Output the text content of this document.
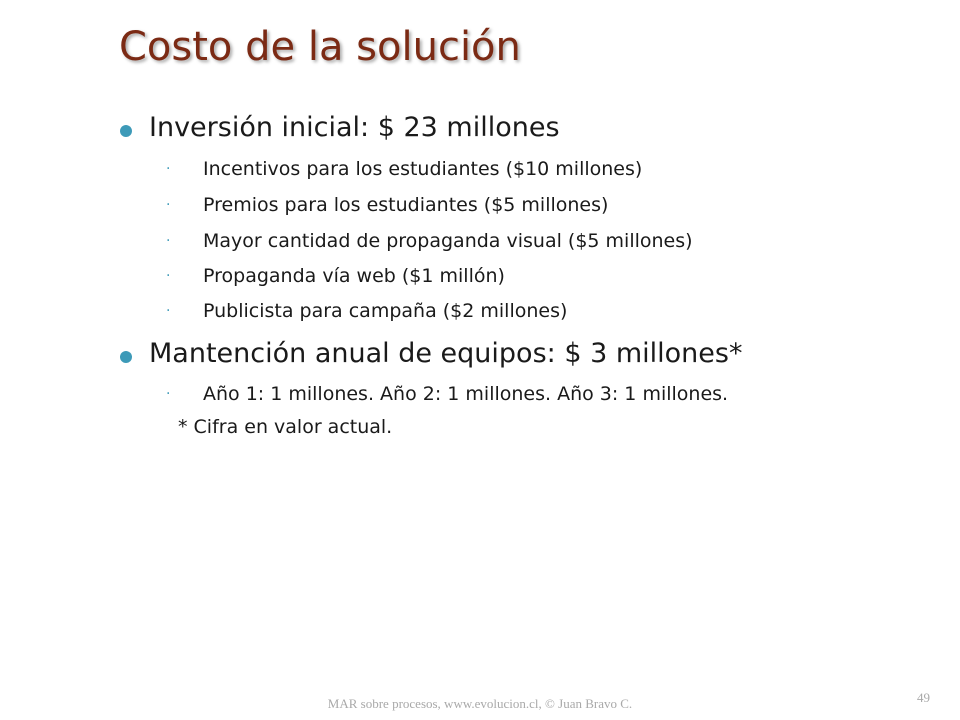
Costo de la solución
Inversión inicial: $ 23 millones
· Incentivos para los estudiantes ($10 millones)
· Premios para los estudiantes ($5 millones)
· Mayor cantidad de propaganda visual ($5 millones)
· Propaganda vía web ($1 millón)
· Publicista para campaña ($2 millones)
Mantención anual de equipos: $ 3 millones*
· Año 1: 1 millones. Año 2: 1 millones. Año 3: 1 millones.
* Cifra en valor actual.
MAR sobre procesos, www.evolucion.cl, © Juan Bravo C.	49
